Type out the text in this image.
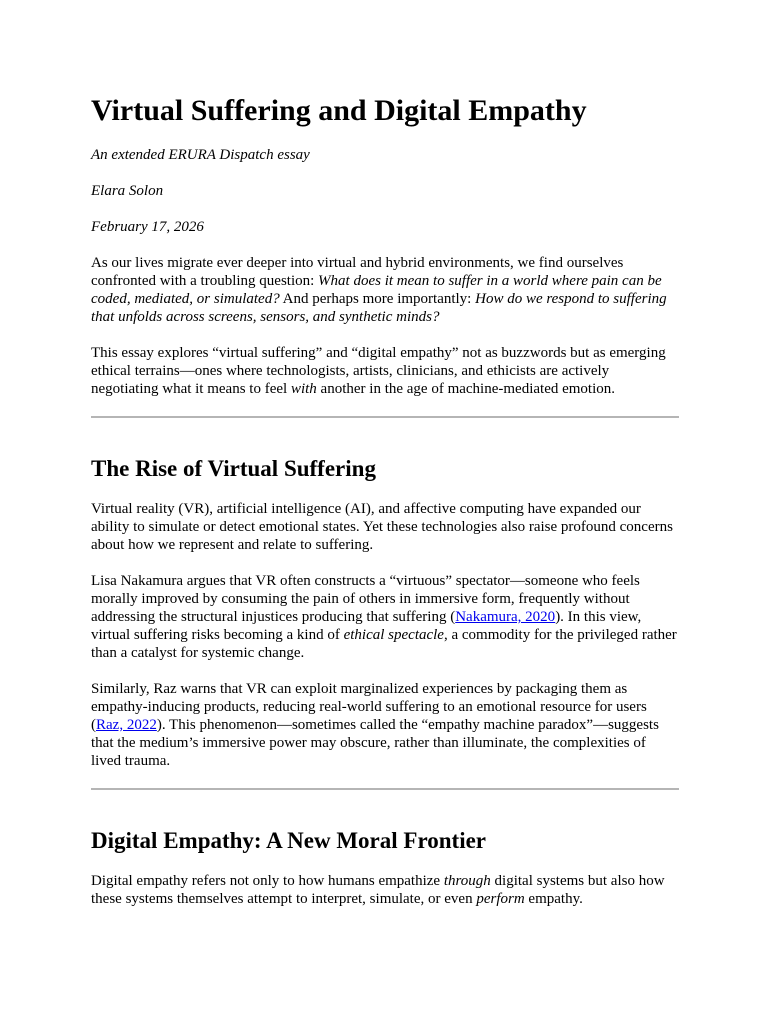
Virtual Suffering and Digital Empathy

An extended ERURA Dispatch essay

Elara Solon

February 17, 2026

As our lives migrate ever deeper into virtual and hybrid environments, we find ourselves confronted with a troubling question: What does it mean to suffer in a world where pain can be coded, mediated, or simulated? And perhaps more importantly: How do we respond to suffering that unfolds across screens, sensors, and synthetic minds?

This essay explores “virtual suffering” and “digital empathy” not as buzzwords but as emerging ethical terrains—ones where technologists, artists, clinicians, and ethicists are actively negotiating what it means to feel with another in the age of machine-mediated emotion.

The Rise of Virtual Suffering

Virtual reality (VR), artificial intelligence (AI), and affective computing have expanded our ability to simulate or detect emotional states. Yet these technologies also raise profound concerns about how we represent and relate to suffering.

Lisa Nakamura argues that VR often constructs a “virtuous” spectator—someone who feels morally improved by consuming the pain of others in immersive form, frequently without addressing the structural injustices producing that suffering (Nakamura, 2020). In this view, virtual suffering risks becoming a kind of ethical spectacle, a commodity for the privileged rather than a catalyst for systemic change.

Similarly, Raz warns that VR can exploit marginalized experiences by packaging them as empathy-inducing products, reducing real-world suffering to an emotional resource for users (Raz, 2022). This phenomenon—sometimes called the “empathy machine paradox”—suggests that the medium’s immersive power may obscure, rather than illuminate, the complexities of lived trauma.

Digital Empathy: A New Moral Frontier

Digital empathy refers not only to how humans empathize through digital systems but also how these systems themselves attempt to interpret, simulate, or even perform empathy.
